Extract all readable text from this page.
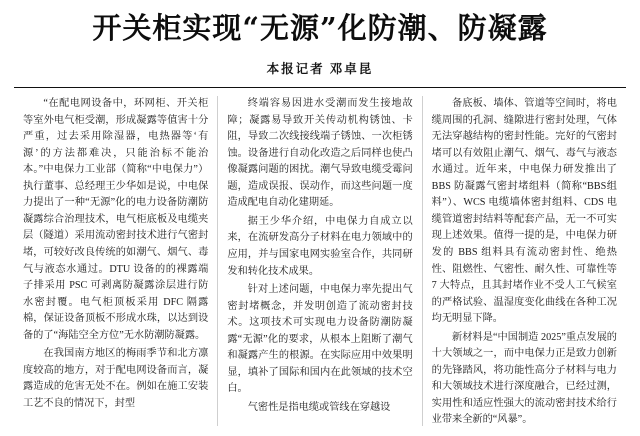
开关柜实现“无源”化防潮、防凝露
本报记者 邓卓昆

“在配电网设备中，环网柜、开关柜等室外电气柜受潮，形成凝露等值害十分严重，过去采用除湿器，电热器等‘有源’的方法都难决，只能治标不能治本。”中电保力工业部（简称“中电保力”）执行董事、总经理王少华如是说，中电保力提出了一种“无源”化的电力设备防潮防凝露综合治理技术，电气柜底板及电缆夹层（隧道）采用流动密封技术进行气密封堵，可较好改良传统的如潮气、烟气、毒气与液态水通过。DTU 设备的的裸露端子排采用 PSC 可剥离防凝露涂层进行防水密封覆。电气柜顶板采用 DFC 隔露棉，保证设备顶板不形成水珠，以达到设备的了“海陆空全方位”无水防潮防凝露。

在我国南方地区的梅雨季节和北方凛度较高的地方，对于配电网设备而言，凝露造成的危害无处不在。例如在施工安装工艺不良的情况下，封型

终端容易因进水受潮而发生接地故障；凝露易导致开关传动机构锈蚀、卡阻，导致二次线接线端子锈蚀、一次柜锈蚀。设备进行自动化改造之后同样也使凸像凝露问题的困扰。潮气导致电缆受霉问题，造成误报、误动作，而这些问题一度造成配电自动化建期延。

据王少华介绍，中电保力自成立以来，在流研发高分子材料在电力领域中的应用，并与国家电网实验室合作，共同研发和转化技术成果。

针对上述问题，中电保力率先提出气密封堵概念，并发明创造了流动密封技术。这项技术可实现电力设备防潮防凝露“无源”化的要求，从根本上阻断了潮气和凝露产生的根源。在实际应用中效果明显，填补了国际和国内在此领域的技术空白。

气密性是指电缆或管线在穿越设

备底板、墙体、管道等空间时，将电缆周围的孔洞、缝隙进行密封处理，气体无法穿越结构的密封性能。完好的气密封堵可以有效阻止潮气、烟气、毒气与液态水通过。近年来，中电保力研发推出了 BBS 防凝露气密封堵组料（简称“BBS组料”）、WCS 电缆墙体密封组料、CDS 电缆管道密封结料等配套产品，无一不可实现上述效果。值得一提的是，中电保力研发的 BBS 组料具有流动密封性、绝热性、阻燃性、气密性、耐久性、可靠性等 7 大特点，且其封堵作业不受人工气候室的严格试验、温湿度变化曲线在各种工况均无明显下降。

新材料是“中国制造 2025”重点发展的十大领域之一，而中电保力正是致力创新的先锋踏风，将功能性高分子材料与电力和大领域技术进行深度融合，已经过测，实用性和适应性强大的流动密封技术给行业带来全新的“风暴”。
